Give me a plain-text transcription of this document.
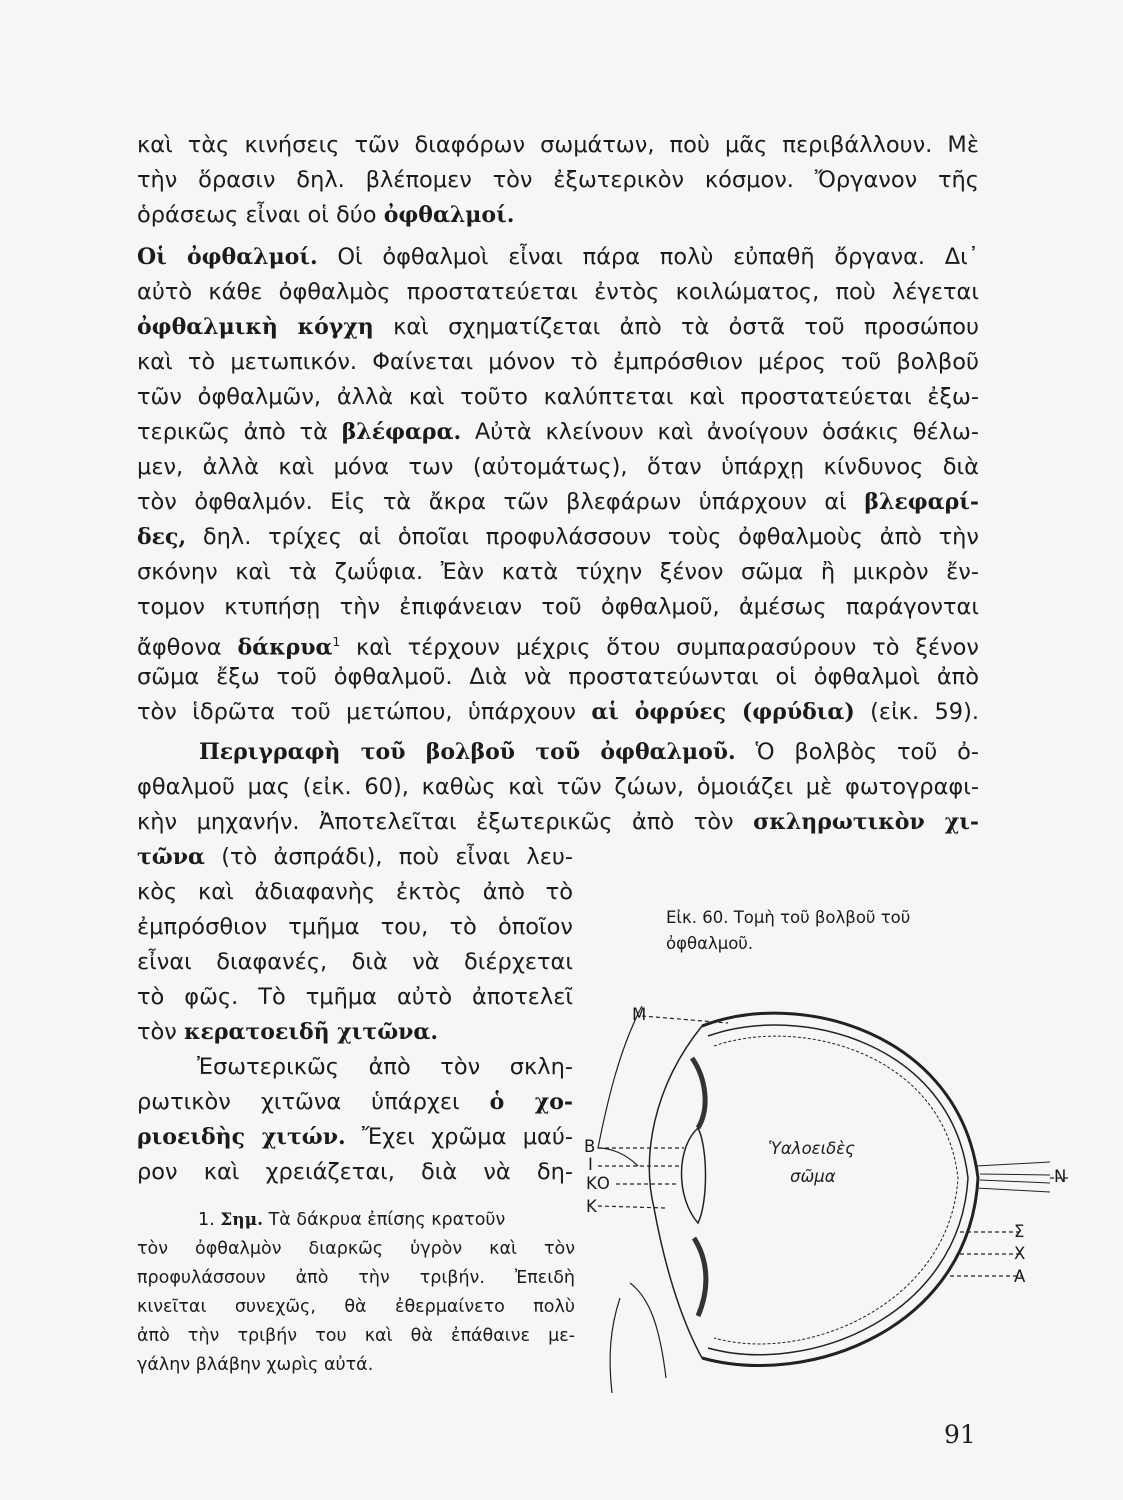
καὶ τὰς κινήσεις τῶν διαφόρων σωμάτων, ποὺ μᾶς περιβάλλουν. Μὲ
τὴν ὅρασιν δηλ. βλέπομεν τὸν ἐξωτερικὸν κόσμον. Ὄργανον τῆς
ὁράσεως εἶναι οἱ δύο ὀφθαλμοί.
Οἱ ὀφθαλμοί. Οἱ ὀφθαλμοὶ εἶναι πάρα πολὺ εὐπαθῆ ὄργανα. Δι᾽
αὐτὸ κάθε ὀφθαλμὸς προστατεύεται ἐντὸς κοιλώματος, ποὺ λέγεται
ὀφθαλμικὴ κόγχη καὶ σχηματίζεται ἀπὸ τὰ ὀστᾶ τοῦ προσώπου
καὶ τὸ μετωπικόν. Φαίνεται μόνον τὸ ἐμπρόσθιον μέρος τοῦ βολβοῦ
τῶν ὀφθαλμῶν, ἀλλὰ καὶ τοῦτο καλύπτεται καὶ προστατεύεται ἐξω-
τερικῶς ἀπὸ τὰ βλέφαρα. Αὐτὰ κλείνουν καὶ ἀνοίγουν ὁσάκις θέλω-
μεν, ἀλλὰ καὶ μόνα των (αὐτομάτως), ὅταν ὑπάρχῃ κίνδυνος διὰ
τὸν ὀφθαλμόν. Εἰς τὰ ἄκρα τῶν βλεφάρων ὑπάρχουν αἱ βλεφαρί-
δες, δηλ. τρίχες αἱ ὁποῖαι προφυλάσσουν τοὺς ὀφθαλμοὺς ἀπὸ τὴν
σκόνην καὶ τὰ ζωΰφια. Ἐὰν κατὰ τύχην ξένον σῶμα ἢ μικρὸν ἔν-
τομον κτυπήσῃ τὴν ἐπιφάνειαν τοῦ ὀφθαλμοῦ, ἀμέσως παράγονται
ἄφθονα δάκρυα$^1$ καὶ τέρχουν μέχρις ὅτου συμπαρασύρουν τὸ ξένον
σῶμα ἔξω τοῦ ὀφθαλμοῦ. Διὰ νὰ προστατεύωνται οἱ ὀφθαλμοὶ ἀπὸ
τὸν ἱδρῶτα τοῦ μετώπου, ὑπάρχουν αἱ ὀφρύες (φρύδια) (εἰκ. 59).
Περιγραφὴ τοῦ βολβοῦ τοῦ ὀφθαλμοῦ. Ὁ βολβὸς τοῦ ὀ-
φθαλμοῦ μας (εἰκ. 60), καθὼς καὶ τῶν ζώων, ὁμοιάζει μὲ φωτογραφι-
κὴν μηχανήν. Ἀποτελεῖται ἐξωτερικῶς ἀπὸ τὸν σκληρωτικὸν χι-
τῶνα (τὸ ἀσπράδι), ποὺ εἶναι λευ-
κὸς καὶ ἀδιαφανὴς ἐκτὸς ἀπὸ τὸ
ἐμπρόσθιον τμῆμα του, τὸ ὁποῖον
εἶναι διαφανές, διὰ νὰ διέρχεται
τὸ φῶς. Τὸ τμῆμα αὐτὸ ἀποτελεῖ
τὸν κερατοειδῆ χιτῶνα.
Ἐσωτερικῶς ἀπὸ τὸν σκλη-
ρωτικὸν χιτῶνα ὑπάρχει ὁ χο-
ριοειδὴς χιτών. Ἔχει χρῶμα μαύ-
ρον καὶ χρειάζεται, διὰ νὰ δη-
1. Σημ. Τὰ δάκρυα ἐπίσης κρατοῦν
τὸν ὀφθαλμὸν διαρκῶς ὑγρὸν καὶ τὸν
προφυλάσσουν ἀπὸ τὴν τριβήν. Ἐπειδὴ
κινεῖται συνεχῶς, θὰ ἐθερμαίνετο πολὺ
ἀπὸ τὴν τριβήν του καὶ θὰ ἐπάθαινε με-
γάλην βλάβην χωρὶς αὐτά.
Εἰκ. 60. Τομὴ τοῦ βολβοῦ τοῦ
ὀφθαλμοῦ.
Μ
Β
Ι
ΚΟ
Κ
Ν
Σ
Χ
Α
Ὑαλοειδὲς
σῶμα
91
